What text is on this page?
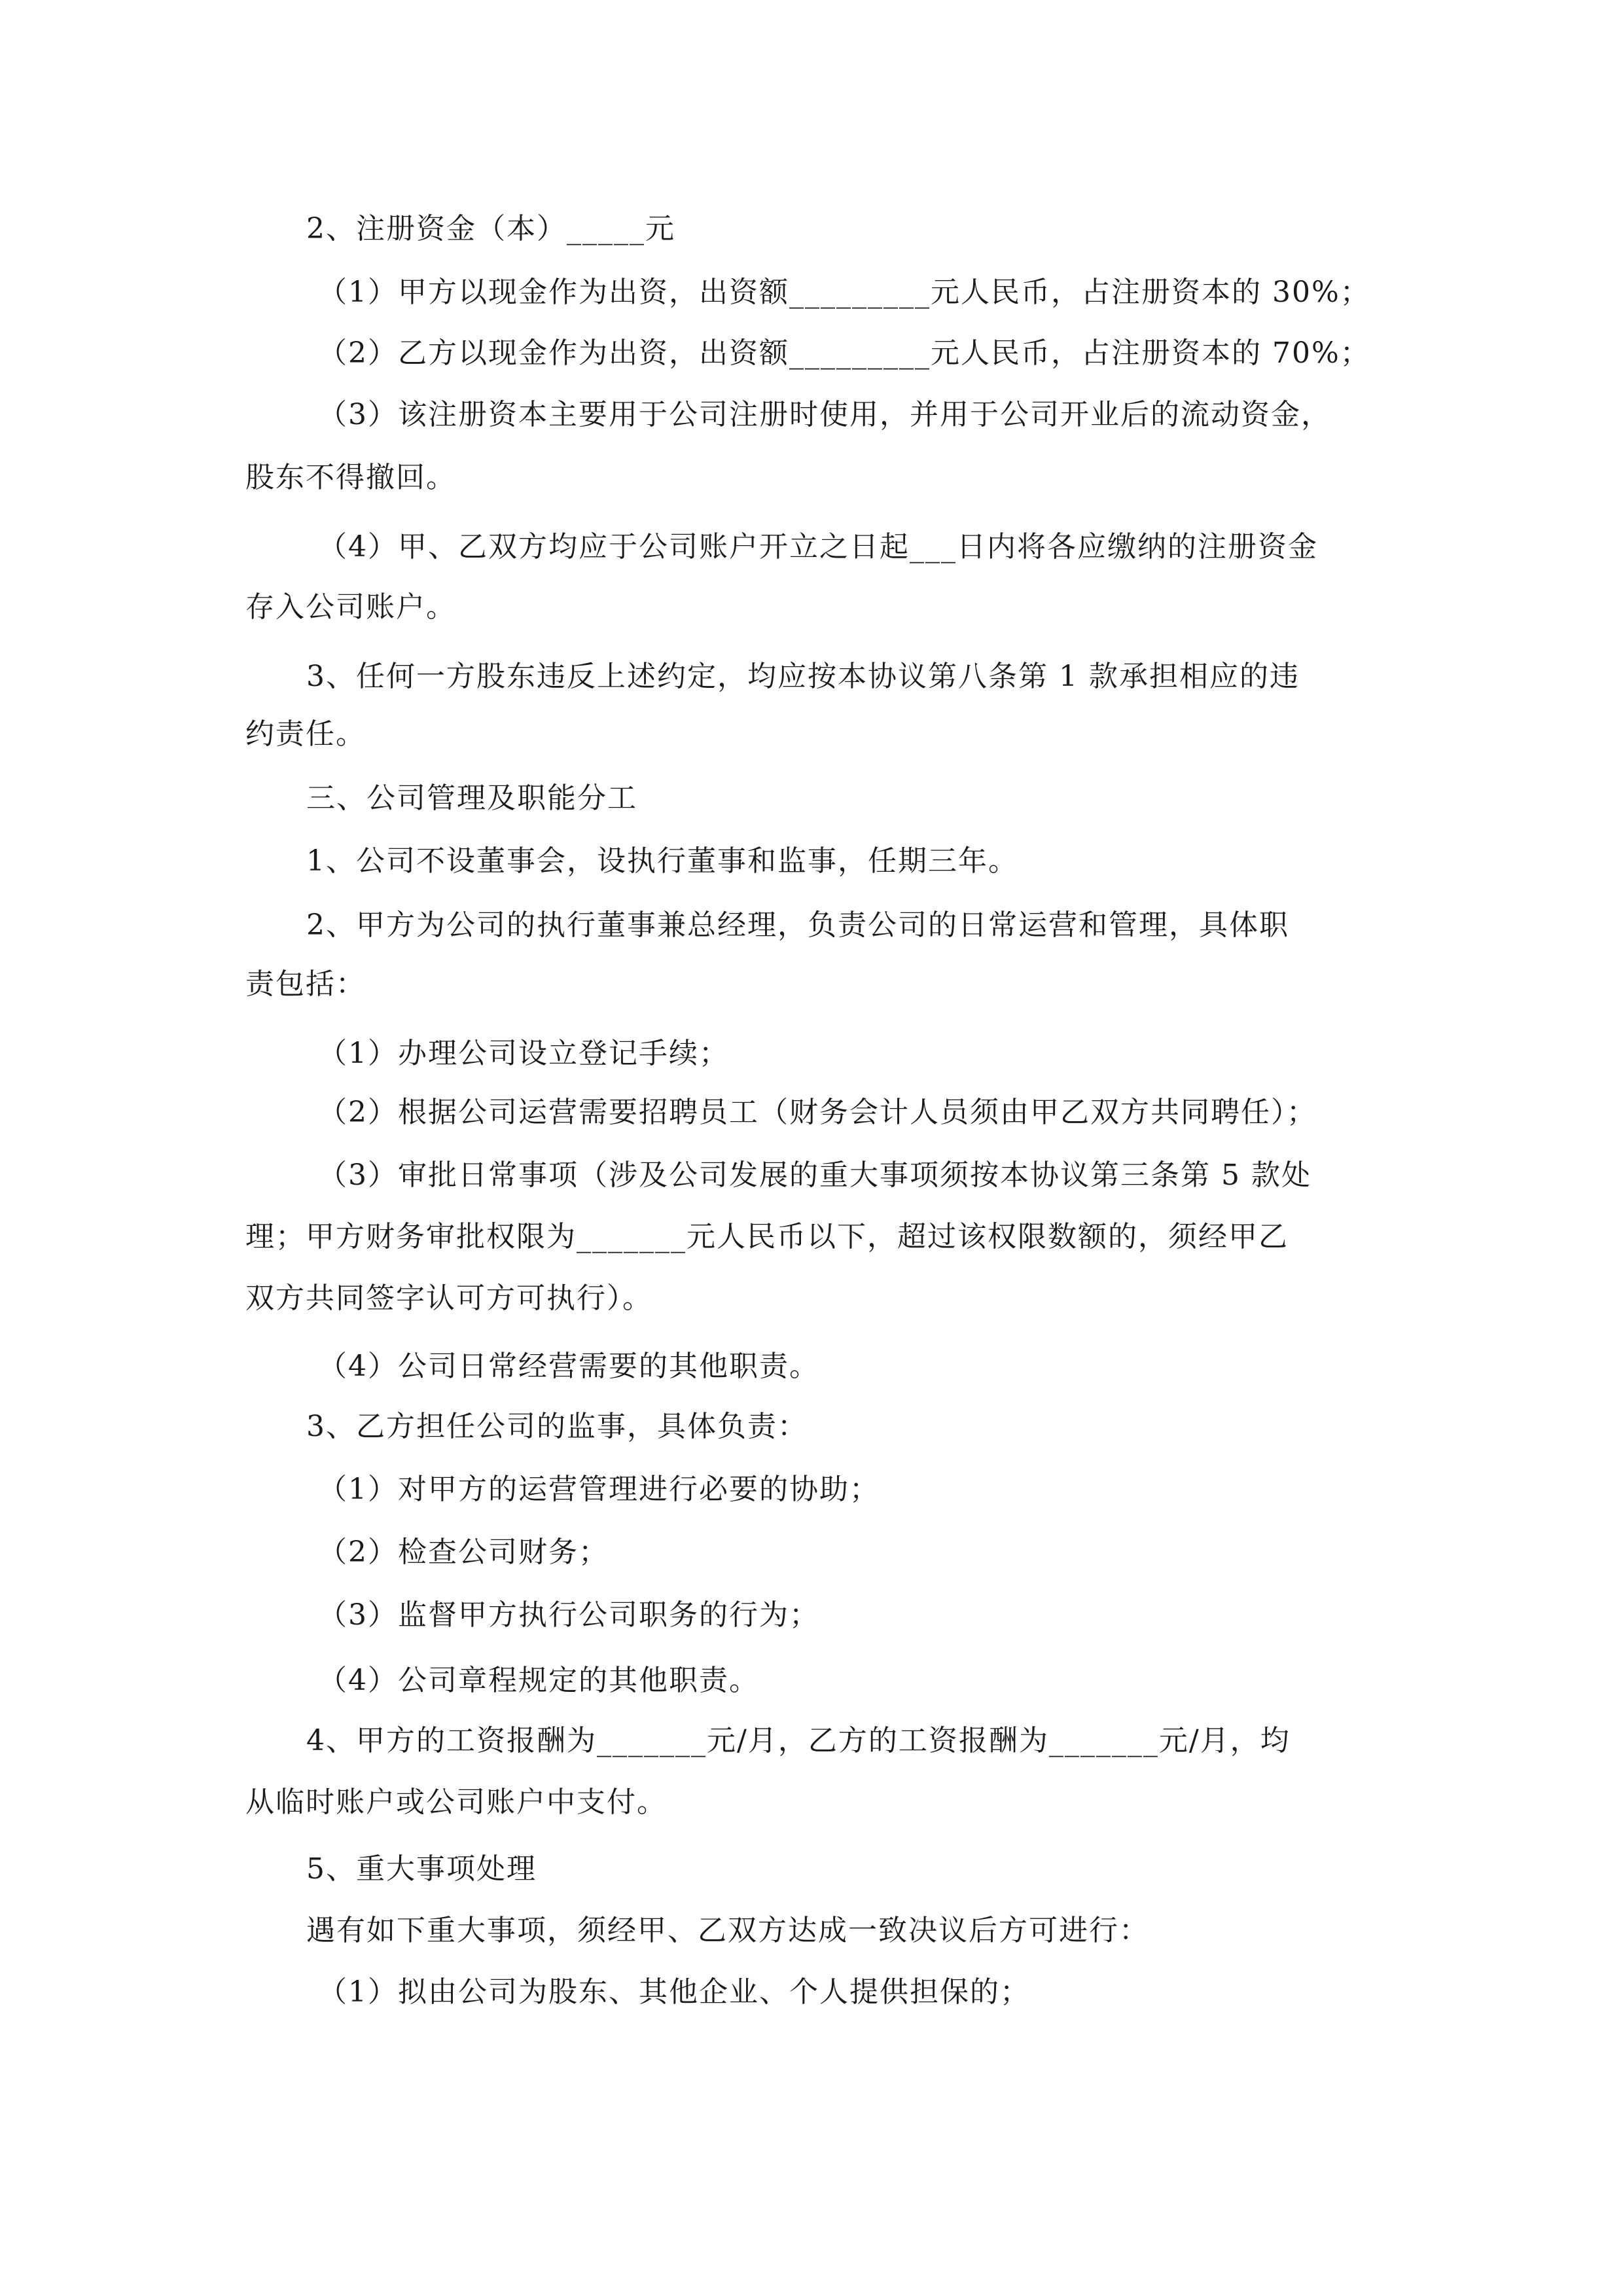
2、注册资金（本）_____元
（1）甲方以现金作为出资，出资额_________元人民币，占注册资本的 30%；
（2）乙方以现金作为出资，出资额_________元人民币，占注册资本的 70%；
（3）该注册资本主要用于公司注册时使用，并用于公司开业后的流动资金，
股东不得撤回。
（4）甲、乙双方均应于公司账户开立之日起___日内将各应缴纳的注册资金
存入公司账户。
3、任何一方股东违反上述约定，均应按本协议第八条第 1 款承担相应的违
约责任。
三、公司管理及职能分工
1、公司不设董事会，设执行董事和监事，任期三年。
2、甲方为公司的执行董事兼总经理，负责公司的日常运营和管理，具体职
责包括：
（1）办理公司设立登记手续；
（2）根据公司运营需要招聘员工（财务会计人员须由甲乙双方共同聘任）；
（3）审批日常事项（涉及公司发展的重大事项须按本协议第三条第 5 款处
理；甲方财务审批权限为_______元人民币以下，超过该权限数额的，须经甲乙
双方共同签字认可方可执行）。
（4）公司日常经营需要的其他职责。
3、乙方担任公司的监事，具体负责：
（1）对甲方的运营管理进行必要的协助；
（2）检查公司财务；
（3）监督甲方执行公司职务的行为；
（4）公司章程规定的其他职责。
4、甲方的工资报酬为_______元/月，乙方的工资报酬为_______元/月，均
从临时账户或公司账户中支付。
5、重大事项处理
遇有如下重大事项，须经甲、乙双方达成一致决议后方可进行：
（1）拟由公司为股东、其他企业、个人提供担保的；
